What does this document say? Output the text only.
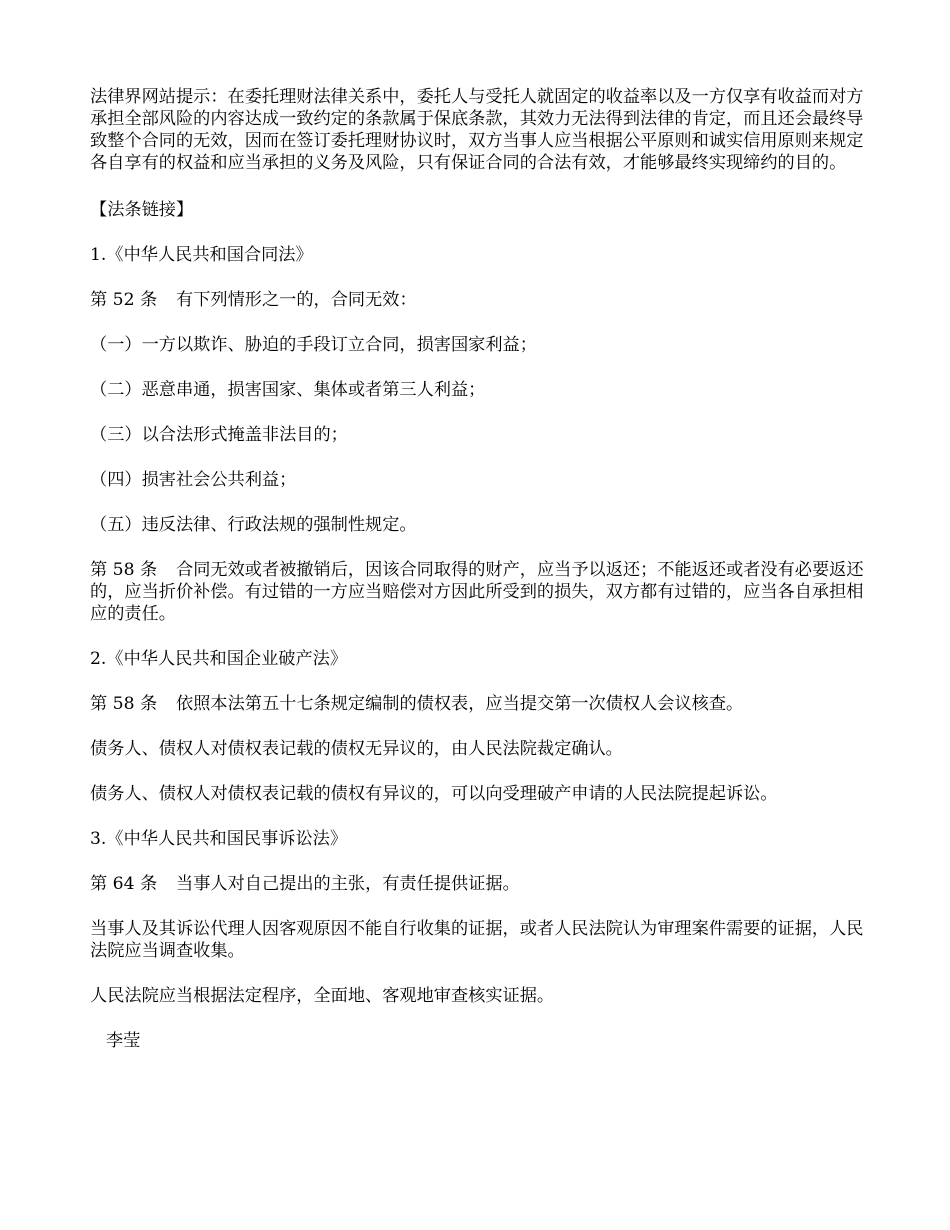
法律界网站提示：在委托理财法律关系中，委托人与受托人就固定的收益率以及一方仅享有收益而对方承担全部风险的内容达成一致约定的条款属于保底条款，其效力无法得到法律的肯定，而且还会最终导致整个合同的无效，因而在签订委托理财协议时，双方当事人应当根据公平原则和诚实信用原则来规定各自享有的权益和应当承担的义务及风险，只有保证合同的合法有效，才能够最终实现缔约的目的。

【法条链接】

1.《中华人民共和国合同法》

第 52 条 有下列情形之一的，合同无效：

（一）一方以欺诈、胁迫的手段订立合同，损害国家利益；

（二）恶意串通，损害国家、集体或者第三人利益；

（三）以合法形式掩盖非法目的；

（四）损害社会公共利益；

（五）违反法律、行政法规的强制性规定。

第 58 条 合同无效或者被撤销后，因该合同取得的财产，应当予以返还；不能返还或者没有必要返还的，应当折价补偿。有过错的一方应当赔偿对方因此所受到的损失，双方都有过错的，应当各自承担相应的责任。

2.《中华人民共和国企业破产法》

第 58 条 依照本法第五十七条规定编制的债权表，应当提交第一次债权人会议核查。

债务人、债权人对债权表记载的债权无异议的，由人民法院裁定确认。

债务人、债权人对债权表记载的债权有异议的，可以向受理破产申请的人民法院提起诉讼。

3.《中华人民共和国民事诉讼法》

第 64 条 当事人对自己提出的主张，有责任提供证据。

当事人及其诉讼代理人因客观原因不能自行收集的证据，或者人民法院认为审理案件需要的证据，人民法院应当调查收集。

人民法院应当根据法定程序，全面地、客观地审查核实证据。

李莹
